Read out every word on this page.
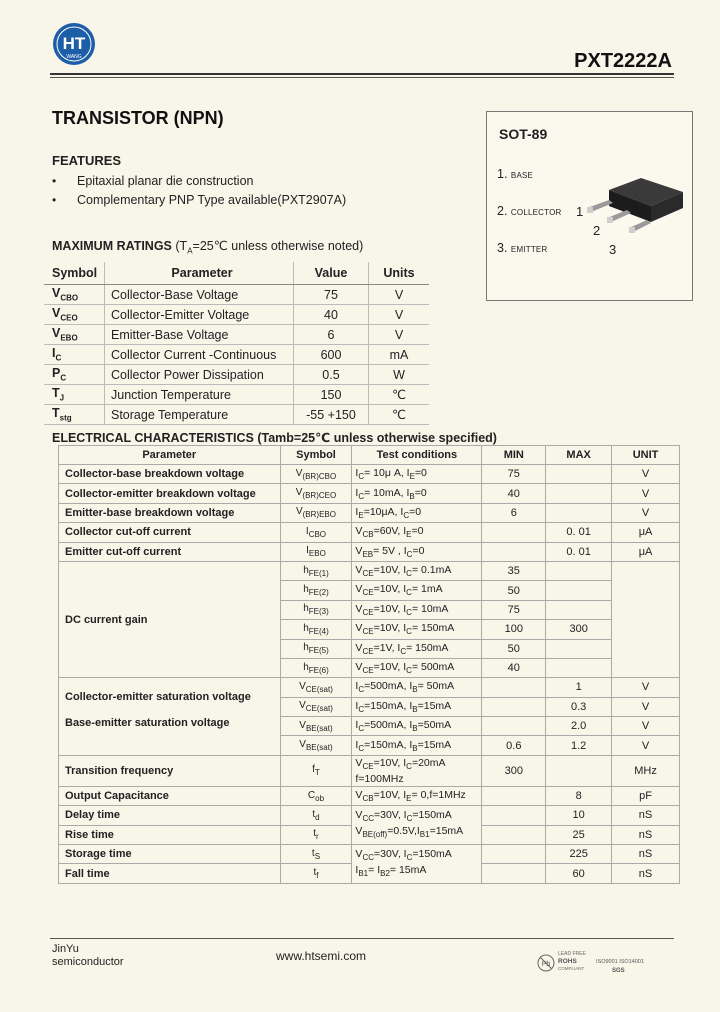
HT
WANG	PXT2222A
TRANSISTOR (NPN)
FEATURES
• Epitaxial planar die construction
• Complementary PNP Type available(PXT2907A)
MAXIMUM RATINGS ($T_A=25℃$ unless otherwise noted)
Symbol	Parameter	Value	Units
$V_{CBO}$	Collector-Base Voltage	75	V
$V_{CEO}$	Collector-Emitter Voltage	40	V
$V_{EBO}$	Emitter-Base Voltage	6	V
$I_C$	Collector Current -Continuous	600	mA
$P_C$	Collector Power Dissipation	0.5	W
$T_J$	Junction Temperature	150	℃
$T_{stg}$	Storage Temperature	-55 +150	℃
SOT-89
1. BASE
2. COLLECTOR
3. EMITTER
1
2
3
ELECTRICAL CHARACTERISTICS (Tamb=25℃ unless otherwise specified)
Parameter	Symbol	Test conditions	MIN	MAX	UNIT
Collector-base breakdown voltage	$V_{(BR)CBO}$	$I_C= 10\mu$ A, $I_E=0$	75		V
Collector-emitter breakdown voltage	$V_{(BR)CEO}$	$I_C= 10mA$, $I_B=0$	40		V
Emitter-base breakdown voltage	$V_{(BR)EBO}$	$I_E=10\mu A$, $I_C=0$	6		V
Collector cut-off current	$I_{CBO}$	$V_{CB}=60V$, $I_E=0$		0. 01	μA
Emitter cut-off current	$I_{EBO}$	$V_{EB}= 5V$ , $I_C=0$		0. 01	μA
DC current gain	$h_{FE(1)}$	$V_{CE}=10V$, $I_C= 0.1mA$	35		
	$h_{FE(2)}$	$V_{CE}=10V$, $I_C= 1mA$	50		
	$h_{FE(3)}$	$V_{CE}=10V$, $I_C= 10mA$	75		
	$h_{FE(4)}$	$V_{CE}=10V$, $I_C= 150mA$	100	300	
	$h_{FE(5)}$	$V_{CE}=1V$, $I_C= 150mA$	50		
	$h_{FE(6)}$	$V_{CE}=10V$, $I_C= 500mA$	40		
Collector-emitter saturation voltage	$V_{CE(sat)}$	$I_C=500mA$, $I_B= 50mA$		1	V
	$V_{CE(sat)}$	$I_C=150mA$, $I_B=15mA$		0.3	V
Base-emitter saturation voltage	$V_{BE(sat)}$	$I_C=500mA$, $I_B=50mA$		2.0	V
	$V_{BE(sat)}$	$I_C=150mA$, $I_B=15mA$	0.6	1.2	V
Transition frequency	$f_T$	$V_{CE}=10V$, $I_C=20mA$
f=100MHz	300		MHz
Output Capacitance	$C_{ob}$	$V_{CB}=10V$, $I_E= 0,f=1MHz$		8	pF
Delay time	$t_d$	$V_{CC}=30V$, $I_C=150mA$
$V_{BE(off)}=0.5V,I_{B1}=15mA$		10	nS
Rise time	$t_r$			25	nS
Storage time	$t_S$	$V_{CC}=30V$, $I_C=150mA$
$I_{B1}= I_{B2}= 15mA$		225	nS
Fall time	$t_f$			60	nS
JinYu
semiconductor	www.htsemi.com
Pb
LEAD FREE
ROHS
COMPLIANT
ISO9001 ISO14001
SGS
